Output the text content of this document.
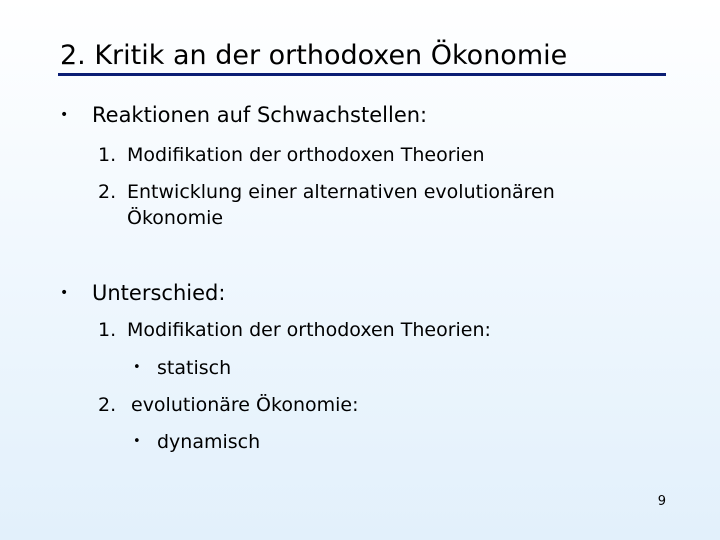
2. Kritik an der orthodoxen Ökonomie
• Reaktionen auf Schwachstellen:
1. Modifikation der orthodoxen Theorien
2. Entwicklung einer alternativen evolutionären
Ökonomie
• Unterschied:
1. Modifikation der orthodoxen Theorien:
• statisch
2. evolutionäre Ökonomie:
• dynamisch
9
